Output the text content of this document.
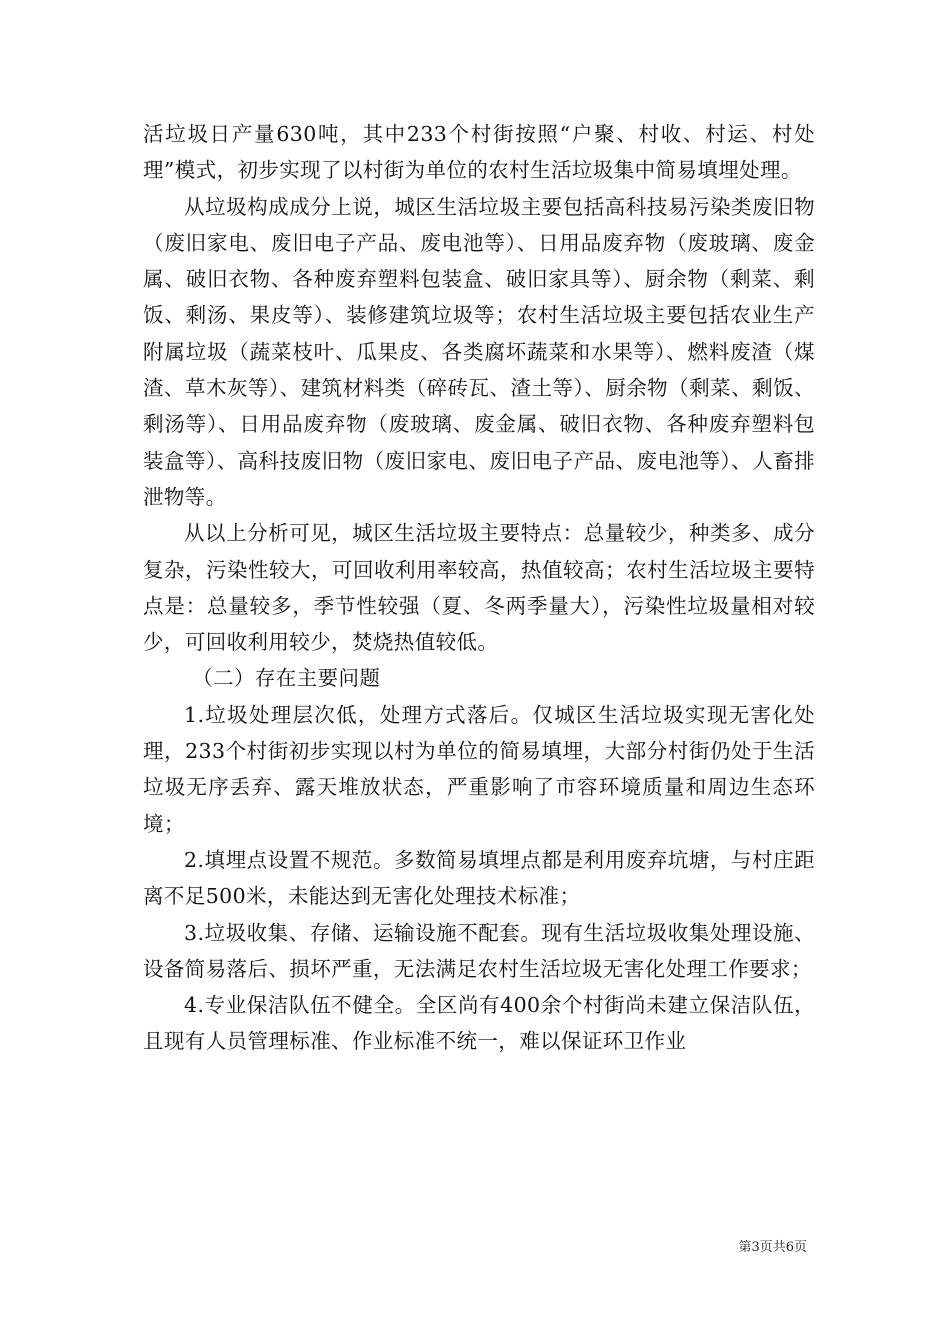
活垃圾日产量630吨，其中233个村街按照“户聚、村收、村运、村处理”模式，初步实现了以村街为单位的农村生活垃圾集中简易填埋处理。

从垃圾构成成分上说，城区生活垃圾主要包括高科技易污染类废旧物（废旧家电、废旧电子产品、废电池等）、日用品废弃物（废玻璃、废金属、破旧衣物、各种废弃塑料包装盒、破旧家具等）、厨余物（剩菜、剩饭、剩汤、果皮等）、装修建筑垃圾等；农村生活垃圾主要包括农业生产附属垃圾（蔬菜枝叶、瓜果皮、各类腐坏蔬菜和水果等）、燃料废渣（煤渣、草木灰等）、建筑材料类（碎砖瓦、渣土等）、厨余物（剩菜、剩饭、剩汤等）、日用品废弃物（废玻璃、废金属、破旧衣物、各种废弃塑料包装盒等）、高科技废旧物（废旧家电、废旧电子产品、废电池等）、人畜排泄物等。

从以上分析可见，城区生活垃圾主要特点：总量较少，种类多、成分复杂，污染性较大，可回收利用率较高，热值较高；农村生活垃圾主要特点是：总量较多，季节性较强（夏、冬两季量大），污染性垃圾量相对较少，可回收利用较少，焚烧热值较低。

（二）存在主要问题

1.垃圾处理层次低，处理方式落后。仅城区生活垃圾实现无害化处理，233个村街初步实现以村为单位的简易填埋，大部分村街仍处于生活垃圾无序丢弃、露天堆放状态，严重影响了市容环境质量和周边生态环境；

2.填埋点设置不规范。多数简易填埋点都是利用废弃坑塘，与村庄距离不足500米，未能达到无害化处理技术标准；

3.垃圾收集、存储、运输设施不配套。现有生活垃圾收集处理设施、设备简易落后、损坏严重，无法满足农村生活垃圾无害化处理工作要求；

4.专业保洁队伍不健全。全区尚有400余个村街尚未建立保洁队伍，且现有人员管理标准、作业标准不统一，难以保证环卫作业

第3页共6页
